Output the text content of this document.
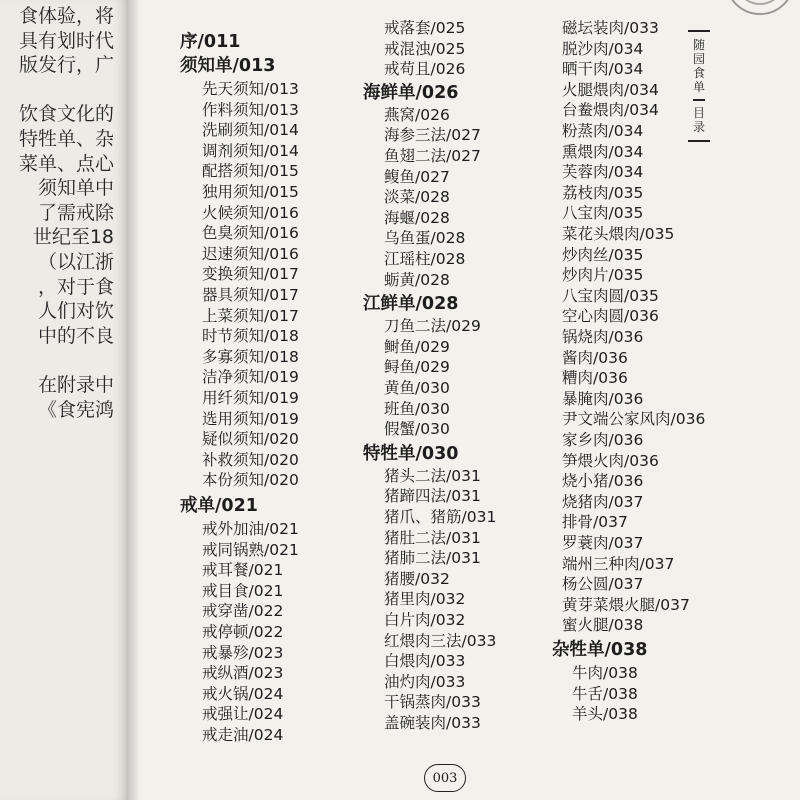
食体验，将
具有划时代
版发行，广
饮食文化的
特牲单、杂
菜单、点心
须知单中
了需戒除
世纪至18
（以江浙
，对于食
人们对饮
中的不良
在附录中
《食宪鸿
序/011
须知单/013
先天须知/013
作料须知/013
洗刷须知/014
调剂须知/014
配搭须知/015
独用须知/015
火候须知/016
色臭须知/016
迟速须知/016
变换须知/017
器具须知/017
上菜须知/017
时节须知/018
多寡须知/018
洁净须知/019
用纤须知/019
选用须知/019
疑似须知/020
补救须知/020
本份须知/020
戒单/021
戒外加油/021
戒同锅熟/021
戒耳餐/021
戒目食/021
戒穿凿/022
戒停顿/022
戒暴殄/023
戒纵酒/023
戒火锅/024
戒强让/024
戒走油/024
戒落套/025
戒混浊/025
戒苟且/026
海鲜单/026
燕窝/026
海参三法/027
鱼翅二法/027
鳆鱼/027
淡菜/028
海蝘/028
乌鱼蛋/028
江瑶柱/028
蛎黄/028
江鲜单/028
刀鱼二法/029
鲥鱼/029
鲟鱼/029
黄鱼/030
班鱼/030
假蟹/030
特牲单/030
猪头二法/031
猪蹄四法/031
猪爪、猪筋/031
猪肚二法/031
猪肺二法/031
猪腰/032
猪里肉/032
白片肉/032
红煨肉三法/033
白煨肉/033
油灼肉/033
干锅蒸肉/033
盖碗装肉/033
磁坛装肉/033
脱沙肉/034
晒干肉/034
火腿煨肉/034
台鲞煨肉/034
粉蒸肉/034
熏煨肉/034
芙蓉肉/034
荔枝肉/035
八宝肉/035
菜花头煨肉/035
炒肉丝/035
炒肉片/035
八宝肉圆/035
空心肉圆/036
锅烧肉/036
酱肉/036
糟肉/036
暴腌肉/036
尹文端公家风肉/036
家乡肉/036
笋煨火肉/036
烧小猪/036
烧猪肉/037
排骨/037
罗蓑肉/037
端州三种肉/037
杨公圆/037
黄芽菜煨火腿/037
蜜火腿/038
杂牲单/038
牛肉/038
牛舌/038
羊头/038
随
园
食
单
目
录
003
